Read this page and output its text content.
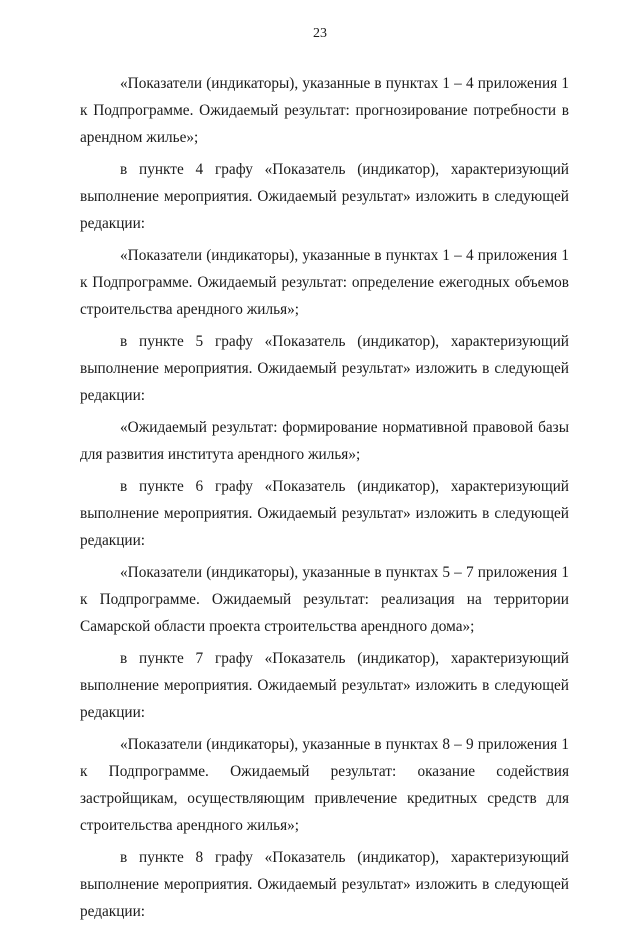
23

«Показатели (индикаторы), указанные в пунктах 1 – 4 приложения 1 к Подпрограмме. Ожидаемый результат: прогнозирование потребности в арендном жилье»;

в пункте 4 графу «Показатель (индикатор), характеризующий выполнение мероприятия. Ожидаемый результат» изложить в следующей редакции:

«Показатели (индикаторы), указанные в пунктах 1 – 4 приложения 1 к Подпрограмме. Ожидаемый результат: определение ежегодных объемов строительства арендного жилья»;

в пункте 5 графу «Показатель (индикатор), характеризующий выполнение мероприятия. Ожидаемый результат» изложить в следующей редакции:

«Ожидаемый результат: формирование нормативной правовой базы для развития института арендного жилья»;

в пункте 6 графу «Показатель (индикатор), характеризующий выполнение мероприятия. Ожидаемый результат» изложить в следующей редакции:

«Показатели (индикаторы), указанные в пунктах 5 – 7 приложения 1 к Подпрограмме. Ожидаемый результат: реализация на территории Самарской области проекта строительства арендного дома»;

в пункте 7 графу «Показатель (индикатор), характеризующий выполнение мероприятия. Ожидаемый результат» изложить в следующей редакции:

«Показатели (индикаторы), указанные в пунктах 8 – 9 приложения 1 к Подпрограмме. Ожидаемый результат: оказание содействия застройщикам, осуществляющим привлечение кредитных средств для строительства арендного жилья»;

в пункте 8 графу «Показатель (индикатор), характеризующий выполнение мероприятия. Ожидаемый результат» изложить в следующей редакции:
